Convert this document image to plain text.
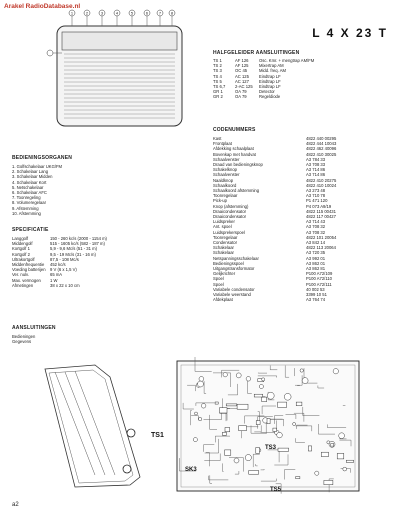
Arakel RadioDatabase.nl
L 4 X 23 T
1	2	3	4	5	6	7 8
HALFGELEIDER AANSLUITINGEN
TS 1	AF 126	Osc. Kmr. + mengtrap AM/FM
TS 2	AF 125	Mixertrap AM
TS 3	OC 45	Midd. freq. AM
TS 4	AC 125	Eindtrap LF
TS 5	AC 127	Eindtrap LF
TS 6,7	2-AC 125	Eindtrap LF
GR 1	OA 79	Detector
GR 2	OA 79	Regeldiode
BEDIENINGSORGANEN
1. Golfschakelaar UKG/FM
2. Schakelaar Lang
3. Schakelaar Midden
4. Schakelaar Kort
5. Netschakelaar
6. Schakelaar AFC
7. Toonregeling
8. Volumeregelaar
9. Afstemming
10. Afstemming
SPECIFICATIE
Langgolf	150 - 260 kc/s (2000 - 1154 m)
Middengolf	515 - 1605 kc/s (582 - 187 m)
Kortgolf 1	5,9 - 9,6 Mc/s (51 - 31 m)
Kortgolf 2	9,5 - 19 Mc/s (31 - 16 m)
Ultrakortgolf	87,5 - 108 Mc/s
Middenfrequentie	452 kc/s
Voeding batterijen	9 V (6 x 1,5 V)
Ver. nulv.	65 mA
Max. vermogen	1 W
Afmetingen	38 x 22 x 10 cm
AANSLUITINGEN
Bedieningen
Gegevens
CODENUMMERS
Kast	4822 440 00295
Frontplaat	4822 444 10043
Afdekking schaalplaat	4822 462 40096
Bovenkap met handvat	4822 410 30025
Schaalvenster	A3 784 33
Draad van bedieningsknop	A3 708 33
Schakelknop	A3 714 86
Schaalvenster	A3 714 86
Naaldknop	4822 410 20275
Schaalkoord	4822 410 10024
Schaalkoord afstemming	A3 273 48
Toonregelaar	A3 710 78
Pick-up	P1 471 120
Knop (afstemming)	P4 073 A9/19
Draaicondensator	4822 115 00431
Draaicondensator	4822 117 00427
Luidspreker	A3 714 43
Ant. spoel	A3 708 32
Luidsprekerspoel	A3 708 32
Toonregelaar	4822 101 20054
Condensator	A3 842 14
Schakelaar	4822 113 20064
Schakelaar	A3 720 35
Netspanningsschakelaar	A3 992 01
Bedieningsspoel	A3 862 01
Uitgangstransformator	A3 862 81
Gelijkrichter	P100 A72/109
Spoel	P100 A72/110
Spoel	P100 A72/111
Variabele condensator	40 002 53
Variabele weerstand	3399 10 51
Afdekplaat	A3 764 74
TS1
TS3
SK3
TS5
a2
